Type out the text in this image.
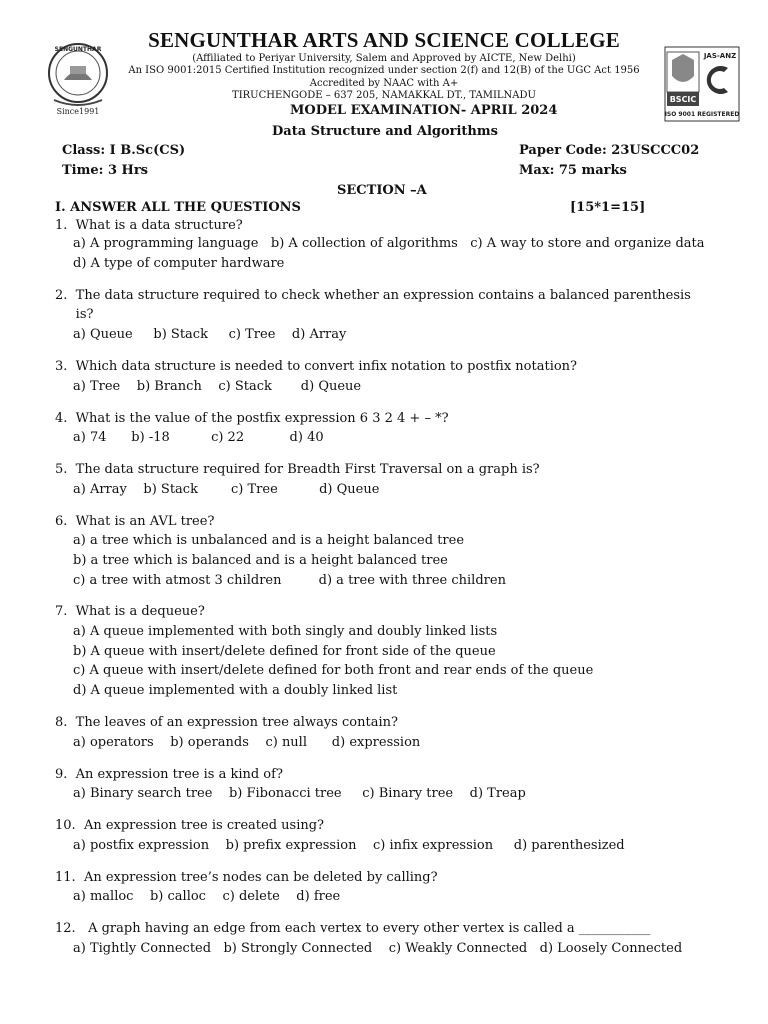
SENGUNTHAR
Since1991
BSCIC
JAS-ANZ
ISO 9001 REGISTERED
SENGUNTHAR ARTS AND SCIENCE COLLEGE
(Affiliated to Periyar University, Salem and Approved by AICTE, New Delhi)
An ISO 9001:2015 Certified Institution recognized under section 2(f) and 12(B) of the UGC Act 1956
Accredited by NAAC with A+
TIRUCHENGODE – 637 205, NAMAKKAL DT., TAMILNADU
MODEL EXAMINATION- APRIL 2024
Data Structure and Algorithms
Class: I B.Sc(CS)
Time: 3 Hrs
Paper Code: 23USCCC02
Max: 75 marks
SECTION –A
I. ANSWER ALL THE QUESTIONS	[15*1=15]
1.  What is a data structure?
a) A programming language   b) A collection of algorithms   c) A way to store and organize data
d) A type of computer hardware
2.  The data structure required to check whether an expression contains a balanced parenthesis
is?
a) Queue     b) Stack     c) Tree    d) Array
3.  Which data structure is needed to convert infix notation to postfix notation?
a) Tree    b) Branch    c) Stack       d) Queue
4.  What is the value of the postfix expression 6 3 2 4 + – *?
a) 74      b) -18          c) 22           d) 40
5.  The data structure required for Breadth First Traversal on a graph is?
a) Array    b) Stack        c) Tree          d) Queue
6.  What is an AVL tree?
a) a tree which is unbalanced and is a height balanced tree
b) a tree which is balanced and is a height balanced tree
c) a tree with atmost 3 children         d) a tree with three children
7.  What is a dequeue?
a) A queue implemented with both singly and doubly linked lists
b) A queue with insert/delete defined for front side of the queue
c) A queue with insert/delete defined for both front and rear ends of the queue
d) A queue implemented with a doubly linked list
8.  The leaves of an expression tree always contain?
a) operators    b) operands    c) null      d) expression
9.  An expression tree is a kind of?
a) Binary search tree    b) Fibonacci tree     c) Binary tree    d) Treap
10.  An expression tree is created using?
a) postfix expression    b) prefix expression    c) infix expression     d) parenthesized
11.  An expression tree’s nodes can be deleted by calling?
a) malloc    b) calloc    c) delete    d) free
12.   A graph having an edge from each vertex to every other vertex is called a ___________
a) Tightly Connected   b) Strongly Connected    c) Weakly Connected   d) Loosely Connected
